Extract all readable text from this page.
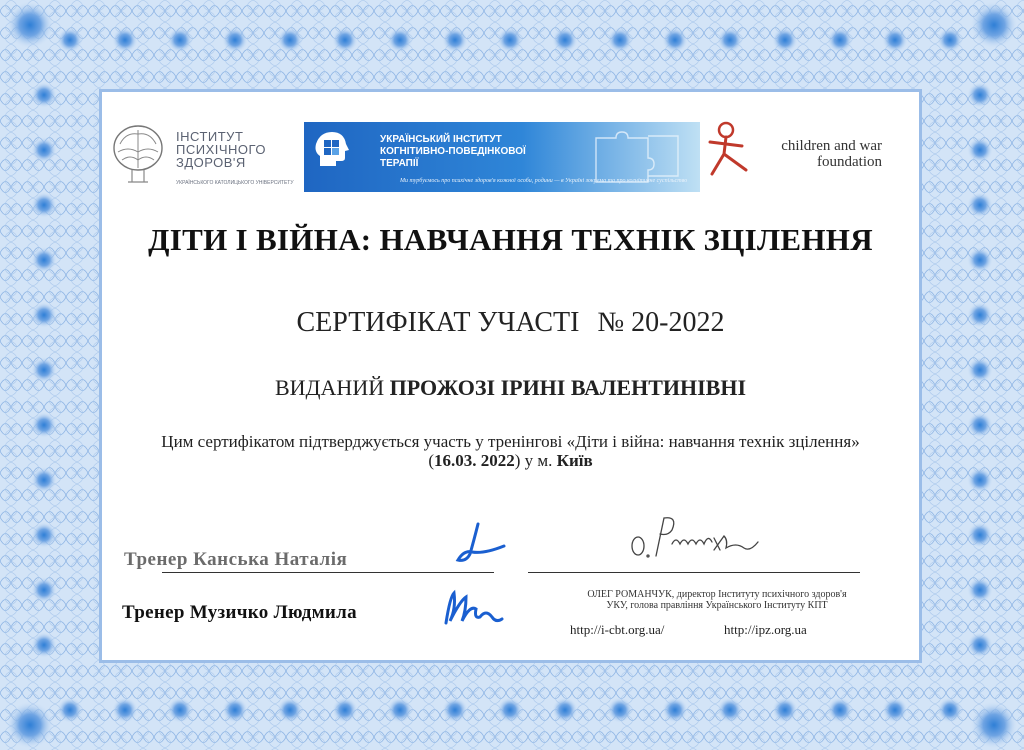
ІНСТИТУТ
ПСИХІЧНОГО
ЗДОРОВ'Я
УКРАЇНСЬКОГО КАТОЛИЦЬКОГО УНІВЕРСИТЕТУ
УКРАЇНСЬКИЙ ІНСТИТУТ
КОГНІТИВНО-ПОВЕДІНКОВОЇ
ТЕРАПІЇ
Ми турбуємось про психічне здоров'я кожної особи, родини — в Україні зокрема та про когнітивне суспільство
children and war
foundation
ДІТИ І ВІЙНА: НАВЧАННЯ ТЕХНІК ЗЦІЛЕННЯ
СЕРТИФІКАТ УЧАСТІ № 20-2022
ВИДАНИЙ ПРОЖОЗІ ІРИНІ ВАЛЕНТИНІВНІ
Цим сертифікатом підтверджується участь у тренінгові «Діти і війна: навчання технік зцілення» (16.03. 2022) у м. Київ
Тренер Канська Наталія
Тренер Музичко Людмила
ОЛЕГ РОМАНЧУК, директор Інституту психічного здоров'я
УКУ, голова правління Українського Інституту КПТ
http://i-cbt.org.ua/	http://ipz.org.ua
